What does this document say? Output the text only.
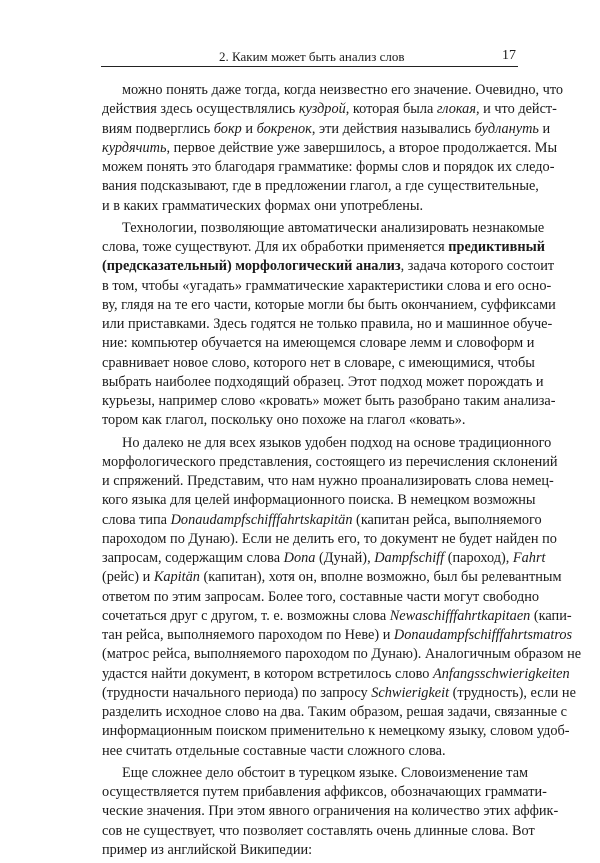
2. Каким может быть анализ слов	17
можно понять даже тогда, когда неизвестно его значение. Очевидно, что
действия здесь осуществлялись куздрой, которая была глокая, и что дейст-
виям подверглись бокр и бокренок, эти действия назывались будлануть и
курдячить, первое действие уже завершилось, а второе продолжается. Мы
можем понять это благодаря грамматике: формы слов и порядок их следо-
вания подсказывают, где в предложении глагол, а где существительные,
и в каких грамматических формах они употреблены.
Технологии, позволяющие автоматически анализировать незнакомые
слова, тоже существуют. Для их обработки применяется предиктивный
(предсказательный) морфологический анализ, задача которого состоит
в том, чтобы «угадать» грамматические характеристики слова и его осно-
ву, глядя на те его части, которые могли бы быть окончанием, суффиксами
или приставками. Здесь годятся не только правила, но и машинное обуче-
ние: компьютер обучается на имеющемся словаре лемм и словоформ и
сравнивает новое слово, которого нет в словаре, с имеющимися, чтобы
выбрать наиболее подходящий образец. Этот подход может порождать и
курьезы, например слово «кровать» может быть разобрано таким анализа-
тором как глагол, поскольку оно похоже на глагол «ковать».
Но далеко не для всех языков удобен подход на основе традиционного
морфологического представления, состоящего из перечисления склонений
и спряжений. Представим, что нам нужно проанализировать слова немец-
кого языка для целей информационного поиска. В немецком возможны
слова типа Donaudampfschifffahrtskapitän (капитан рейса, выполняемого
пароходом по Дунаю). Если не делить его, то документ не будет найден по
запросам, содержащим слова Dona (Дунай), Dampfschiff (пароход), Fahrt
(рейс) и Kapitän (капитан), хотя он, вполне возможно, был бы релевантным
ответом по этим запросам. Более того, составные части могут свободно
сочетаться друг с другом, т. е. возможны слова Newaschifffahrtkapitaen (капи-
тан рейса, выполняемого пароходом по Неве) и Donaudampfschifffahrtsmatros
(матрос рейса, выполняемого пароходом по Дунаю). Аналогичным образом не
удастся найти документ, в котором встретилось слово Anfangsschwierigkeiten
(трудности начального периода) по запросу Schwierigkeit (трудность), если не
разделить исходное слово на два. Таким образом, решая задачи, связанные с
информационным поиском применительно к немецкому языку, словом удоб-
нее считать отдельные составные части сложного слова.
Еще сложнее дело обстоит в турецком языке. Словоизменение там
осуществляется путем прибавления аффиксов, обозначающих граммати-
ческие значения. При этом явного ограничения на количество этих аффик-
сов не существует, что позволяет составлять очень длинные слова. Вот
пример из английской Википедии:
